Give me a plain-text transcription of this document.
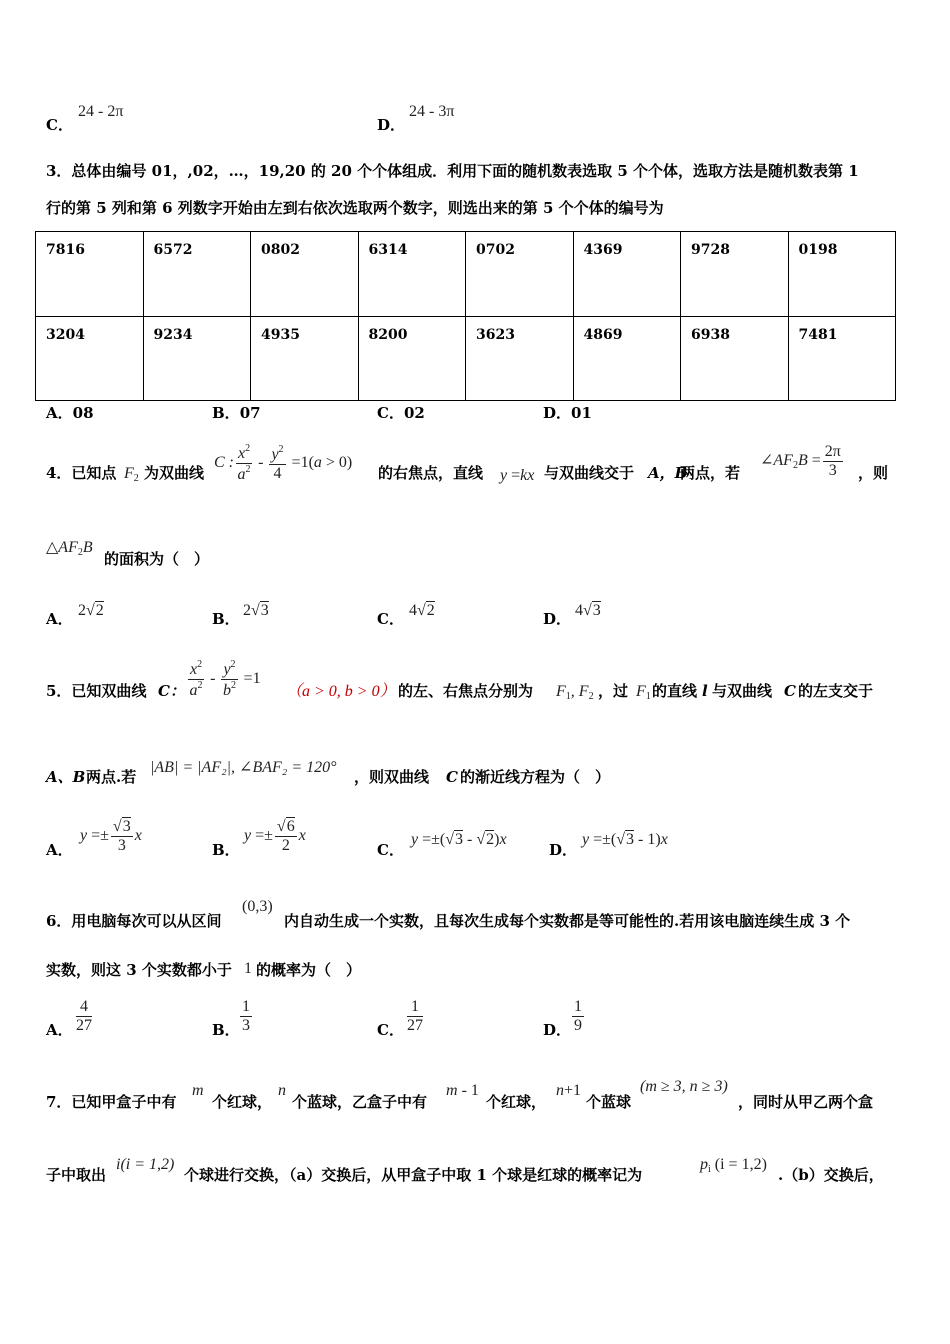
C．
24 - 2π
D．
24 - 3π
3．总体由编号 01，,02，…，19,20 的 20 个个体组成．利用下面的随机数表选取 5 个个体，选取方法是随机数表第 1
行的第 5 列和第 6 列数字开始由左到右依次选取两个数字，则选出来的第 5 个个体的编号为
7816	6572	0802	6314	0702	4369	9728	0198
3204	9234	4935	8200	3623	4869	6938	7481
A．08	B．07	C．02	D．01
4．已知点 $F_2$ 为双曲线
C : $\frac{x^2}{a^2} - \frac{y^2}{4} =1(a > 0)$
的右焦点，直线 y =kx 与双曲线交于 A，B
两点，若
$\angle AF_2B = \frac{2\pi}{3}$ ，则
$\triangle AF_2B$
的面积为（　）
A． 2√2	B． 2√3	C． 4√2	D． 4√3
5．已知双曲线 C： $\frac{x^2}{a^2} - \frac{y^2}{b^2} =1$
（a > 0, b > 0） 的左、右焦点分别为 $F_1$, $F_2$ ，过 $F_1$ 的直线 l 与双曲线 C 的左支交于
A、B 两点.若
|AB| = |AF₂|, ∠BAF₂ = 120°
，则双曲线 C 的渐近线方程为（　）
A．
$y =\pm \frac{√3}{3}$ x
B．
$y =\pm \frac{√6}{2}$ x
C．
y =±(√3 - √2)x
D．
y =±(√3 - 1)x
6．用电脑每次可以从区间
(0,3)
内自动生成一个实数，且每次生成每个实数都是等可能性的.若用该电脑连续生成 3 个
实数，则这 3 个实数都小于 1 的概率为（　）
A． $\frac{4}{27}$	B． $\frac{1}{3}$	C． $\frac{1}{27}$	D． $\frac{1}{9}$
7．已知甲盒子中有
m
个红球，
n
个蓝球，乙盒子中有
m - 1
个红球，
n+1
个蓝球
(m ≥ 3, n ≥ 3)
，同时从甲乙两个盒
子中取出
i(i = 1,2)
个球进行交换，（a）交换后，从甲盒子中取 1 个球是红球的概率记为
$p_i$ (i = 1,2)
.（b）交换后，
